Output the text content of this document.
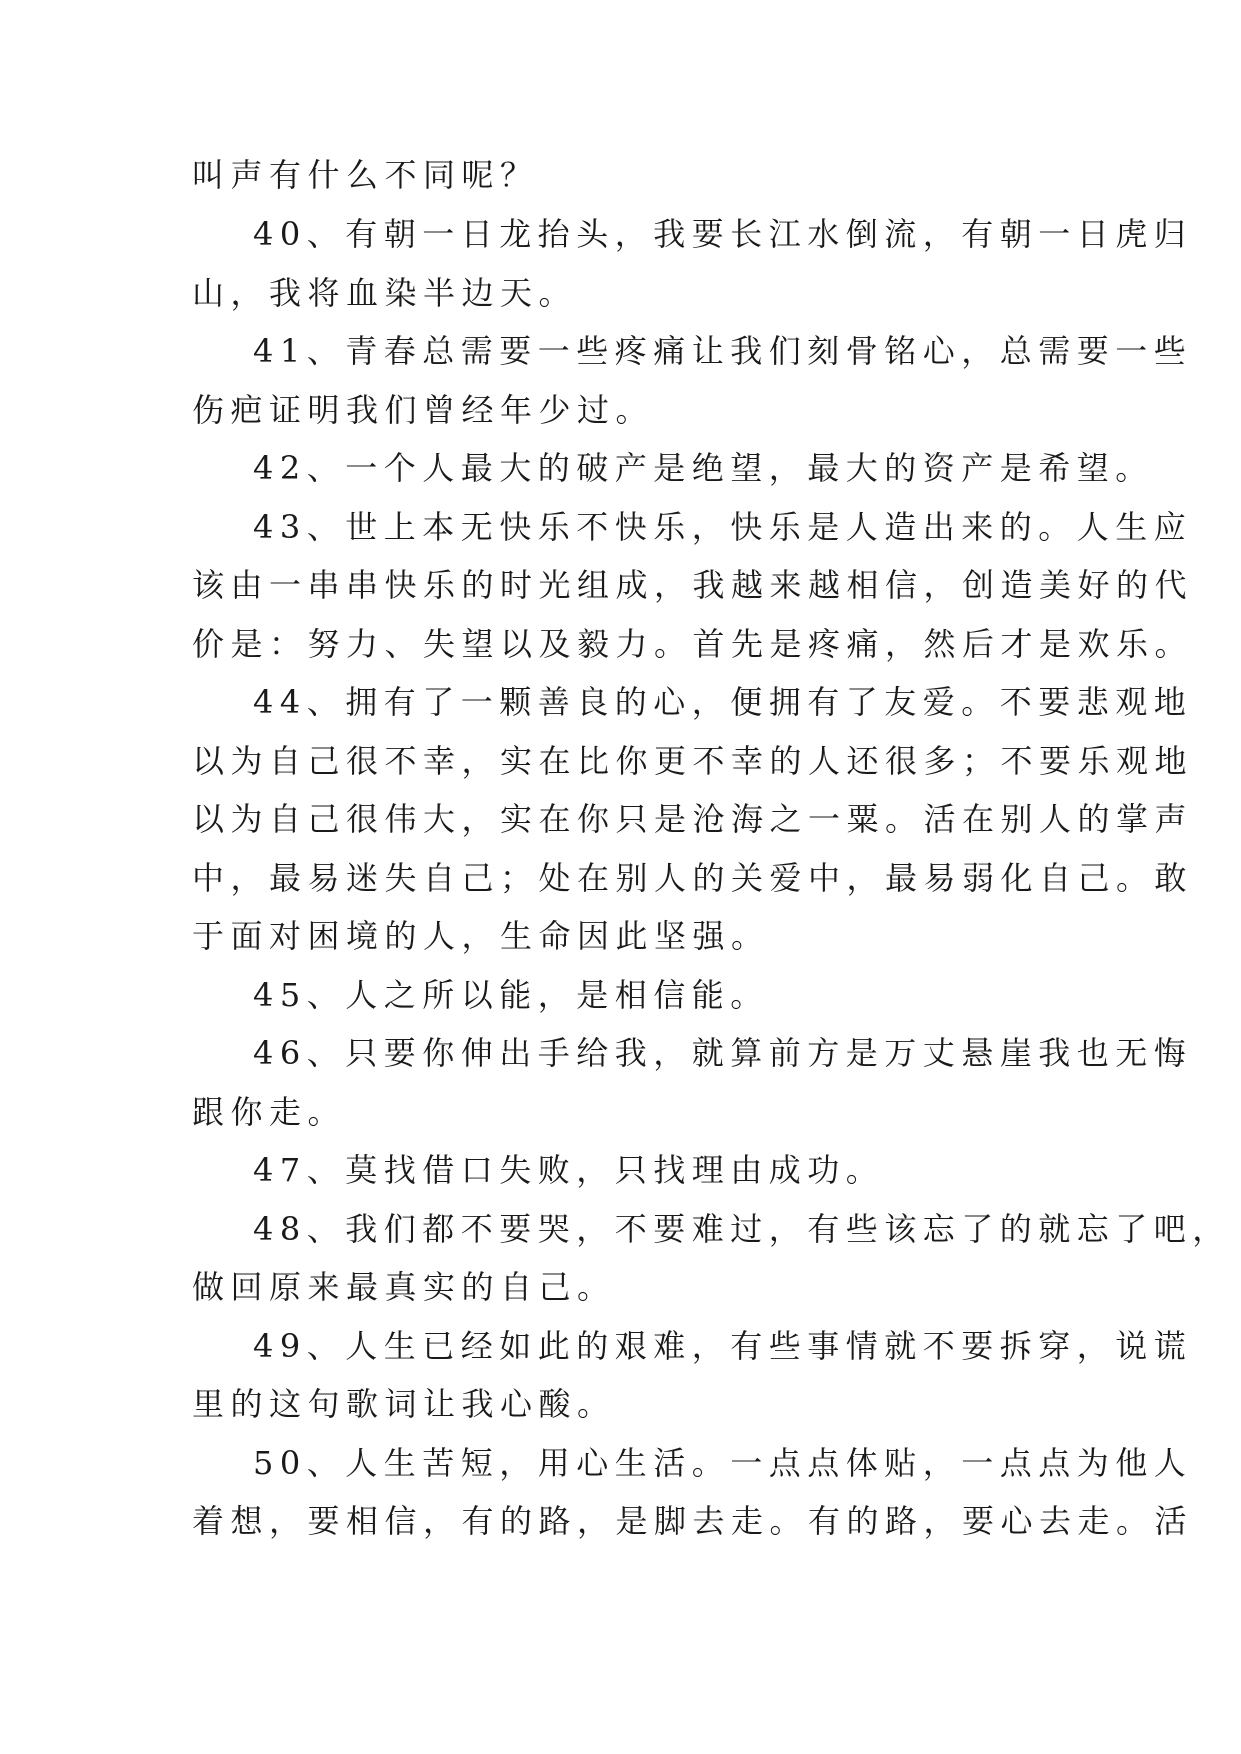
叫声有什么不同呢？

40、有朝一日龙抬头，我要长江水倒流，有朝一日虎归

山，我将血染半边天。

41、青春总需要一些疼痛让我们刻骨铭心，总需要一些

伤疤证明我们曾经年少过。

42、一个人最大的破产是绝望，最大的资产是希望。

43、世上本无快乐不快乐，快乐是人造出来的。人生应

该由一串串快乐的时光组成，我越来越相信，创造美好的代

价是：努力、失望以及毅力。首先是疼痛，然后才是欢乐。

44、拥有了一颗善良的心，便拥有了友爱。不要悲观地

以为自己很不幸，实在比你更不幸的人还很多；不要乐观地

以为自己很伟大，实在你只是沧海之一粟。活在别人的掌声

中，最易迷失自己；处在别人的关爱中，最易弱化自己。敢

于面对困境的人，生命因此坚强。

45、人之所以能，是相信能。

46、只要你伸出手给我，就算前方是万丈悬崖我也无悔

跟你走。

47、莫找借口失败，只找理由成功。

48、我们都不要哭，不要难过，有些该忘了的就忘了吧，

做回原来最真实的自己。

49、人生已经如此的艰难，有些事情就不要拆穿，说谎

里的这句歌词让我心酸。

50、人生苦短，用心生活。一点点体贴，一点点为他人

着想，要相信，有的路，是脚去走。有的路，要心去走。活
